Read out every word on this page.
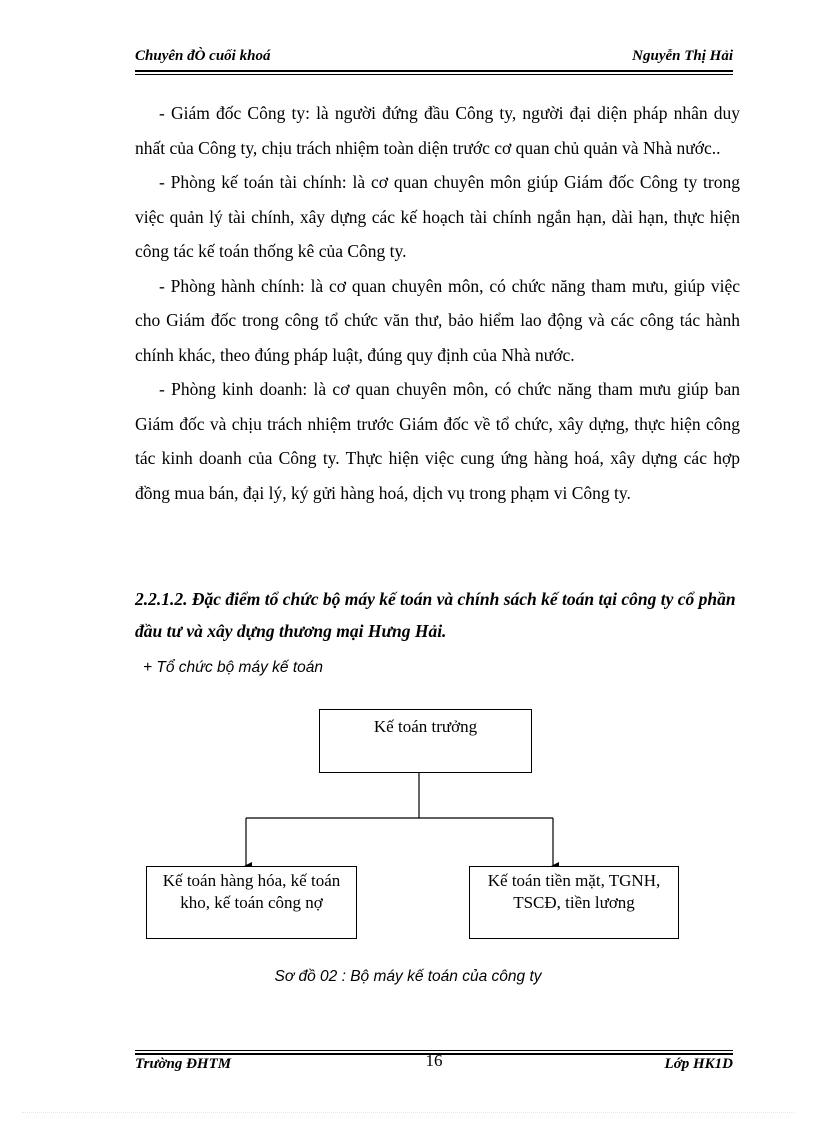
Chuyên đÒ cuối khoá	Nguyễn Thị Hải

- Giám đốc Công ty: là người đứng đầu Công ty, người đại diện pháp nhân duy nhất của Công ty, chịu trách nhiệm toàn diện trước cơ quan chủ quản và Nhà nước..

- Phòng kế toán tài chính: là cơ quan chuyên môn giúp Giám đốc Công ty trong việc quản lý tài chính, xây dựng các kế hoạch tài chính ngắn hạn, dài hạn, thực hiện công tác kế toán thống kê của Công ty.

- Phòng hành chính: là cơ quan chuyên môn, có chức năng tham mưu, giúp việc cho Giám đốc trong công tổ chức văn thư, bảo hiểm lao động và các công tác hành chính khác, theo đúng pháp luật, đúng quy định của Nhà nước.

- Phòng kinh doanh: là cơ quan chuyên môn, có chức năng tham mưu giúp ban Giám đốc và chịu trách nhiệm trước Giám đốc về tổ chức, xây dựng, thực hiện công tác kinh doanh của Công ty. Thực hiện việc cung ứng hàng hoá, xây dựng các hợp đồng mua bán, đại lý, ký gửi hàng hoá, dịch vụ trong phạm vi Công ty.

2.2.1.2. Đặc điểm tổ chức bộ máy kế toán và chính sách kế toán tại công ty cổ phần đầu tư và xây dựng thương mại Hưng Hải.
+ Tổ chức bộ máy kế toán
Kế toán trưởng
Kế toán hàng hóa, kế toán kho, kế toán công nợ
Kế toán tiền mặt, TGNH, TSCĐ, tiền lương
Sơ đồ 02 : Bộ máy kế toán của công ty
Trường ĐHTM	16	Lớp HK1D
